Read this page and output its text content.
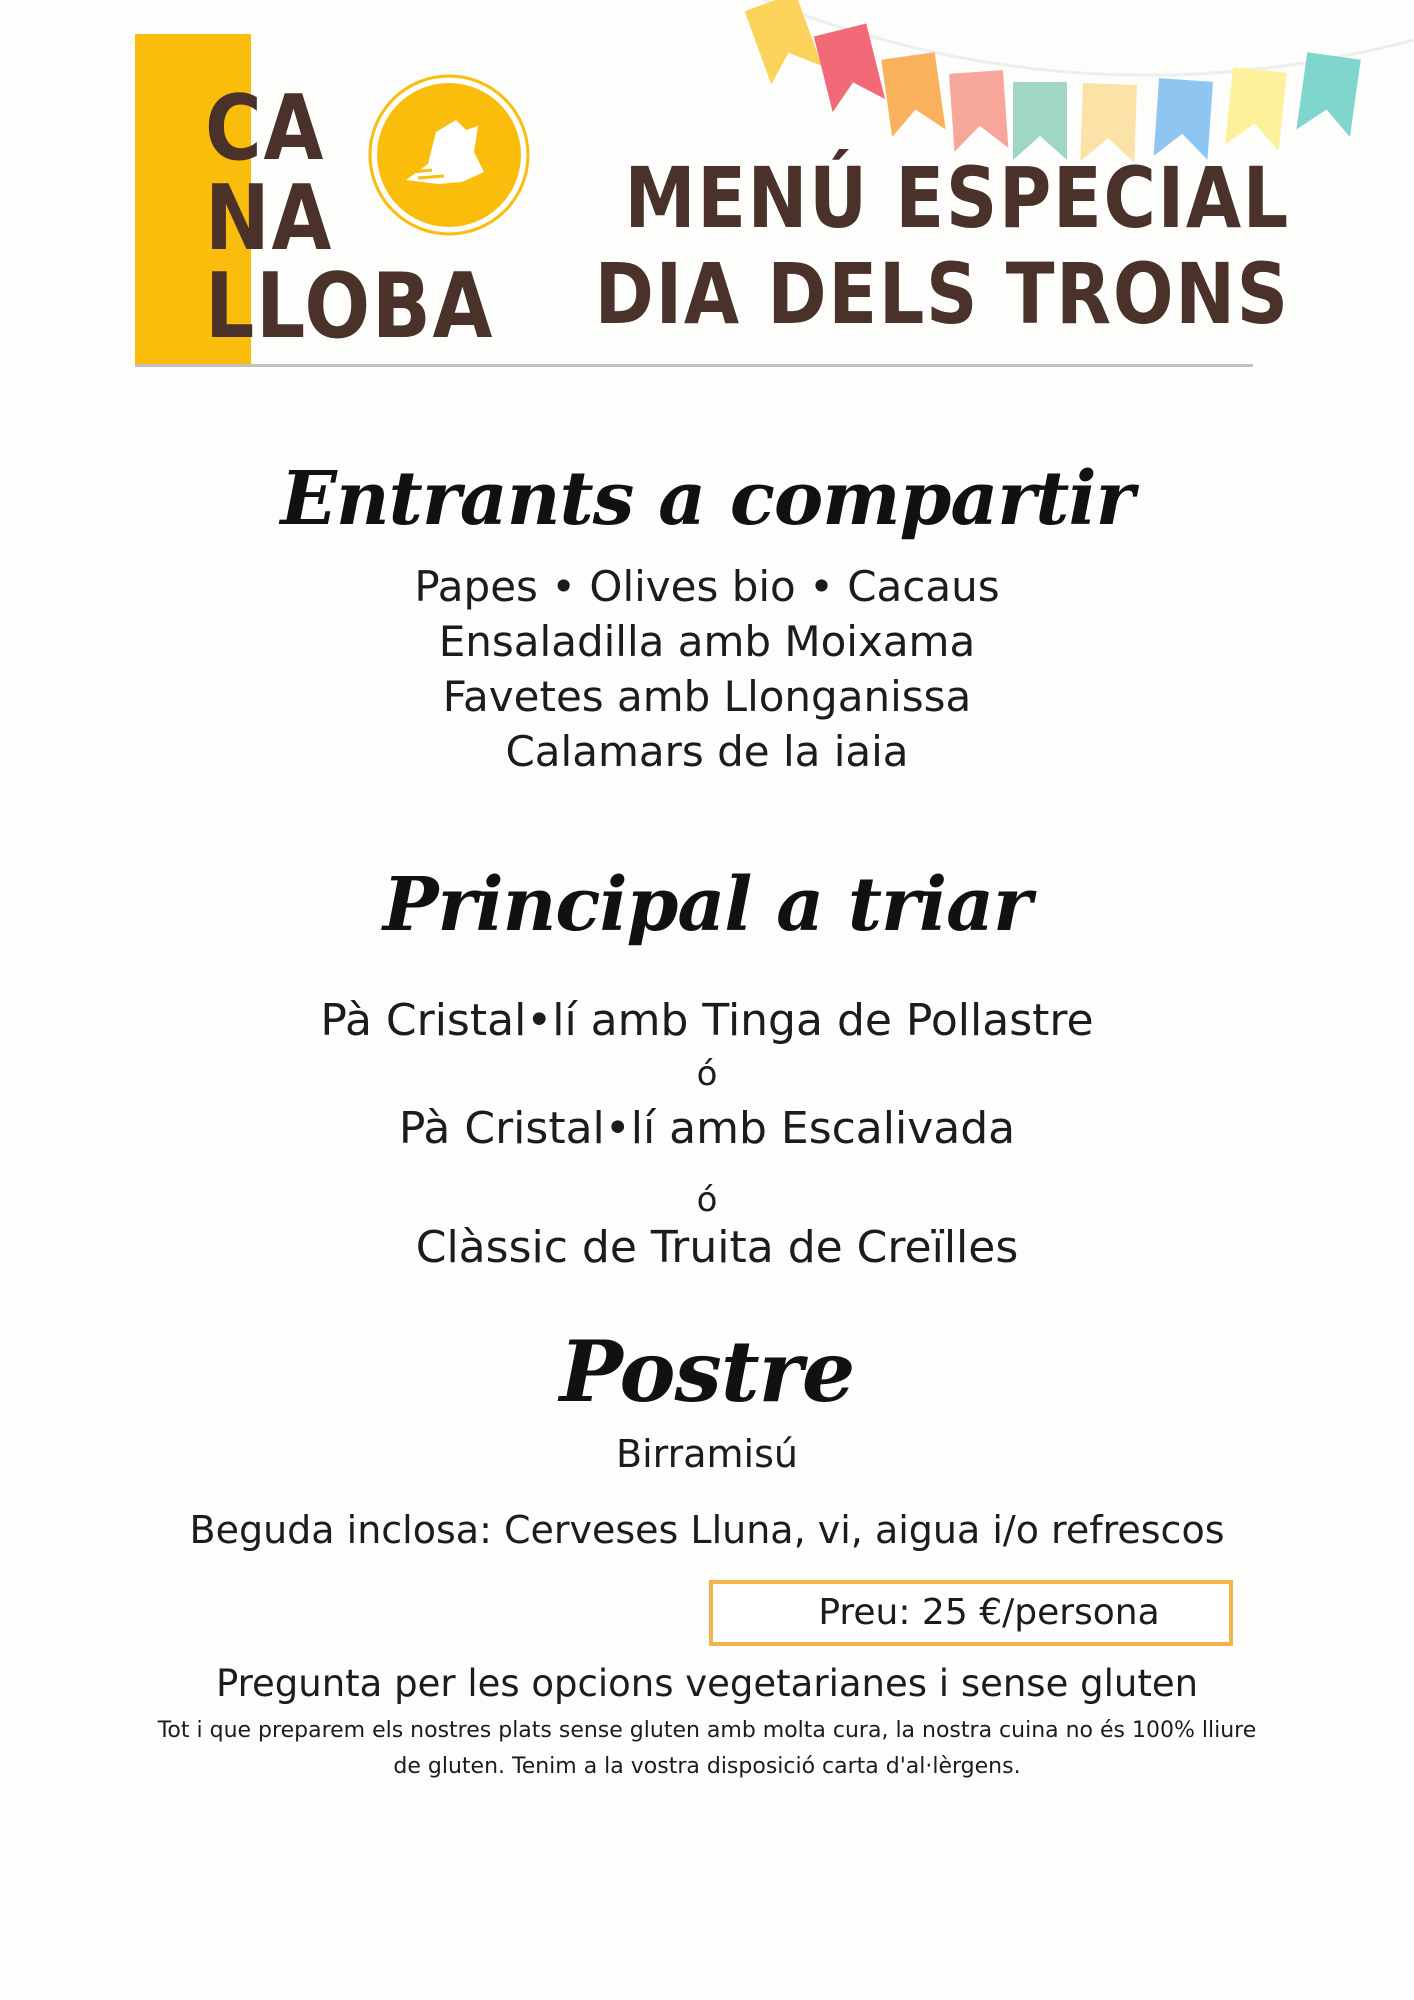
CA
NA
LLOBA
MENÚ ESPECIAL
DIA DELS TRONS
Entrants a compartir
Papes • Olives bio • Cacaus
Ensaladilla amb Moixama
Favetes amb Llonganissa
Calamars de la iaia
Principal a triar
Pà Cristal•lí amb Tinga de Pollastre
ó
Pà Cristal•lí amb Escalivada
ó
Clàssic de Truita de Creïlles
Postre
Birramisú
Beguda inclosa: Cerveses Lluna, vi, aigua i/o refrescos
Preu: 25 €/persona
Pregunta per les opcions vegetarianes i sense gluten
Tot i que preparem els nostres plats sense gluten amb molta cura, la nostra cuina no és 100% lliure
de gluten. Tenim a la vostra disposició carta d'al·lèrgens.
